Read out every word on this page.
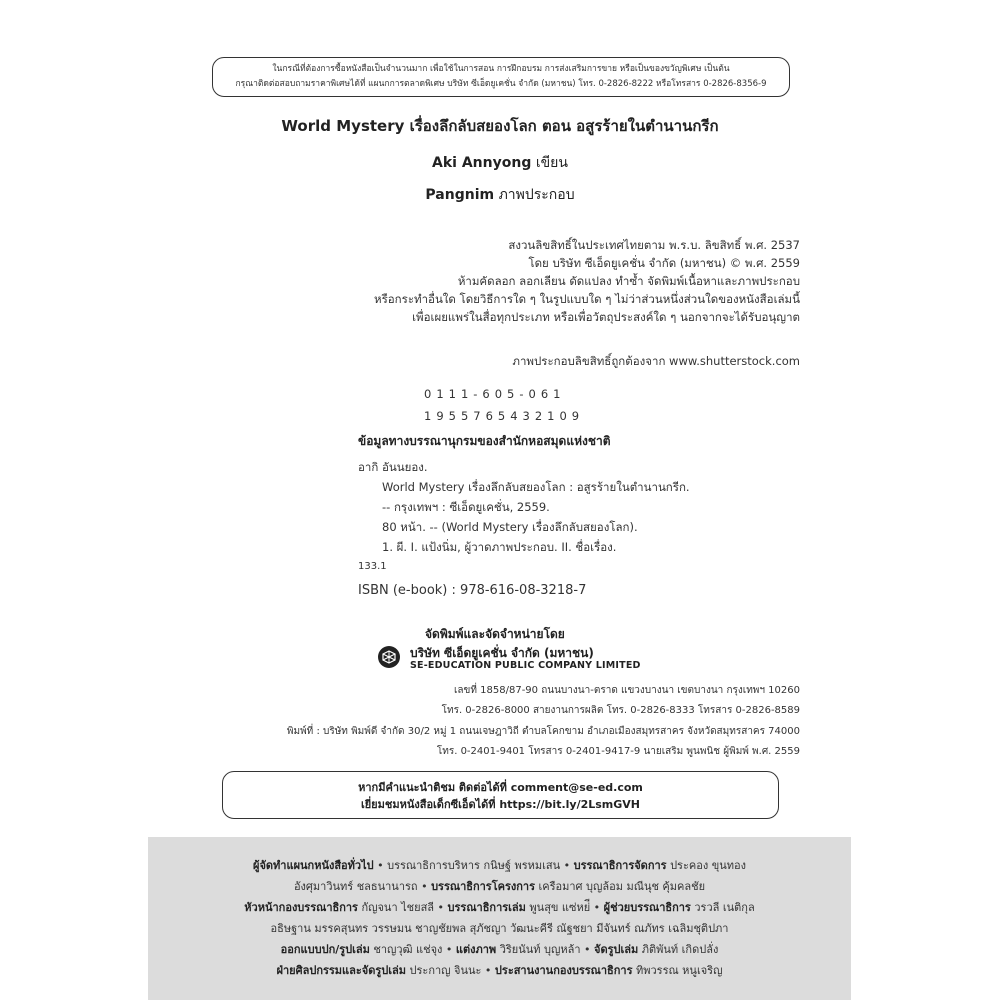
ในกรณีที่ต้องการซื้อหนังสือเป็นจำนวนมาก เพื่อใช้ในการสอน การฝึกอบรม การส่งเสริมการขาย หรือเป็นของขวัญพิเศษ เป็นต้น
กรุณาติดต่อสอบถามราคาพิเศษได้ที่ แผนกการตลาดพิเศษ บริษัท ซีเอ็ดยูเคชั่น จำกัด (มหาชน) โทร. 0-2826-8222 หรือโทรสาร 0-2826-8356-9
World Mystery เรื่องลึกลับสยองโลก ตอน อสูรร้ายในตำนานกรีก
Aki Annyong เขียน
Pangnim ภาพประกอบ
สงวนลิขสิทธิ์ในประเทศไทยตาม พ.ร.บ. ลิขสิทธิ์ พ.ศ. 2537
โดย บริษัท ซีเอ็ดยูเคชั่น จำกัด (มหาชน) © พ.ศ. 2559
ห้ามคัดลอก ลอกเลียน ดัดแปลง ทำซ้ำ จัดพิมพ์เนื้อหาและภาพประกอบ
หรือกระทำอื่นใด โดยวิธีการใด ๆ ในรูปแบบใด ๆ ไม่ว่าส่วนหนึ่งส่วนใดของหนังสือเล่มนี้
เพื่อเผยแพร่ในสื่อทุกประเภท หรือเพื่อวัตถุประสงค์ใด ๆ นอกจากจะได้รับอนุญาต
ภาพประกอบลิขสิทธิ์ถูกต้องจาก www.shutterstock.com
0111-605-061
1955765432109
ข้อมูลทางบรรณานุกรมของสำนักหอสมุดแห่งชาติ
อากิ อันนยอง.
World Mystery เรื่องลึกลับสยองโลก : อสูรร้ายในตำนานกรีก.
-- กรุงเทพฯ : ซีเอ็ดยูเคชั่น, 2559.
80 หน้า. -- (World Mystery เรื่องลึกลับสยองโลก).
1. ผี. I. แป้งนิ่ม, ผู้วาดภาพประกอบ. II. ชื่อเรื่อง.
133.1
ISBN (e-book) : 978-616-08-3218-7
จัดพิมพ์และจัดจำหน่ายโดย
บริษัท ซีเอ็ดยูเคชั่น จำกัด (มหาชน)
SE-EDUCATION PUBLIC COMPANY LIMITED
เลขที่ 1858/87-90 ถนนบางนา-ตราด แขวงบางนา เขตบางนา กรุงเทพฯ 10260
โทร. 0-2826-8000 สายงานการผลิต โทร. 0-2826-8333 โทรสาร 0-2826-8589
พิมพ์ที่ : บริษัท พิมพ์ดี จำกัด 30/2 หมู่ 1 ถนนเจษฎาวิถี ตำบลโคกขาม อำเภอเมืองสมุทรสาคร จังหวัดสมุทรสาคร 74000
โทร. 0-2401-9401 โทรสาร 0-2401-9417-9 นายเสริม พูนพนิช ผู้พิมพ์ พ.ศ. 2559
หากมีคำแนะนำติชม ติดต่อได้ที่ comment@se-ed.com
เยี่ยมชมหนังสือเด็กซีเอ็ดได้ที่ https://bit.ly/2LsmGVH
ผู้จัดทำแผนกหนังสือทั่วไป • บรรณาธิการบริหาร กนิษฐ์ พรหมเสน • บรรณาธิการจัดการ ประคอง ขุนทอง
อังศุมาวินทร์ ชลธนานารถ • บรรณาธิการโครงการ เครือมาศ บุญล้อม มณีนุช คุ้มคลชัย
หัวหน้ากองบรรณาธิการ กัญจนา ไชยสลี • บรรณาธิการเล่ม พูนสุข แซ่หย่ี • ผู้ช่วยบรรณาธิการ วรวลี เนติกุล
อธิษฐาน มรรคสุนทร วรรษมน ชาญชัยพล สุภัชญา วัฒนะคีรี ณัฐชยา มีจันทร์ ณภัทร เฉลิมชุติปภา
ออกแบบปก/รูปเล่ม ชาญวุฒิ แช่จุง • แต่งภาพ วิริยนันท์ บุญหล้า • จัดรูปเล่ม ภิติพันท์ เกิดปลั่ง
ฝ่ายศิลปกรรมและจัดรูปเล่ม ประกาญ จินนะ • ประสานงานกองบรรณาธิการ ทิพวรรณ หนูเจริญ
